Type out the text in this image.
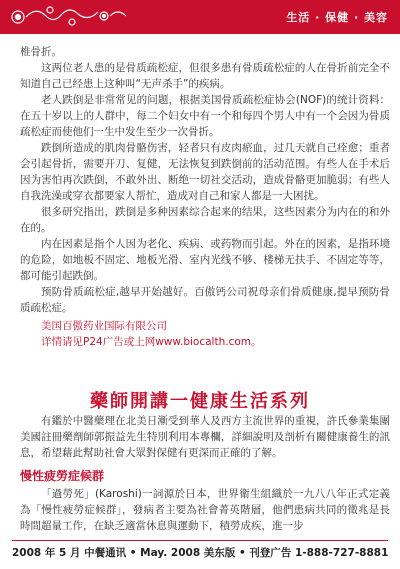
生活 · 保健 · 美容

椎骨折。

这两位老人患的是骨质疏松症，但很多患有骨质疏松症的人在骨折前完全不知道自己已经患上这种叫“无声杀手”的疾病。

老人跌倒是非常常见的问题，根据美国骨质疏松症协会(NOF)的统计资料：在五十岁以上的人群中，每二个妇女中有一个和每四个男人中有一个会因为骨质疏松症而使他们一生中发生至少一次骨折。

跌倒所造成的肌肉骨骼伤害，轻者只有皮肉瘀血，过几天就自己痊愈；重者会引起骨折，需要开刀、复健，无法恢复到跌倒前的活动范围。有些人在手术后因为害怕再次跌倒，不敢外出、断绝一切社交活动，造成骨骼更加脆弱；有些人自我洗澡或穿衣都要家人帮忙，造成对自己和家人都是一大困扰。

很多研究指出，跌倒是多种因素综合起来的结果，这些因素分为内在的和外在的。

内在因素是指个人因为老化、疾病、或药物而引起。外在的因素，是指环境的危险，如地板不固定、地板光滑、室内光线不够、楼梯无扶手、不固定等等，都可能引起跌倒。

预防骨质疏松症,越早开始越好。百傲钙公司祝母亲们骨质健康,提早预防骨质疏松症。

美国百傲药业国际有限公司
详情请见P24广告或上网www.biocalth.com。
藥師開講一健康生活系列

有鑑於中醫藥理在北美日漸受到華人及西方主流世界的重視，許氏參業集團美國註冊藥劑師郭振益先生特別利用本專欄，詳細說明及剖析有關健康養生的訊息，希望藉此幫助社會大眾對保健有更深而正確的了解。

慢性疲勞症候群

「過勞死」(Karoshi)一詞源於日本，世界衛生組織於一九八八年正式定義為「慢性疲勞症候群」，發病者主要為社會菁英階層，他們患病共同的徵兆是長時間超量工作，在缺乏適當休息與運動下，積勞成疾，進一步

2008 年 5 月 中餐通讯 • May. 2008 美东版 • 刊登广告 1-888-727-8881
